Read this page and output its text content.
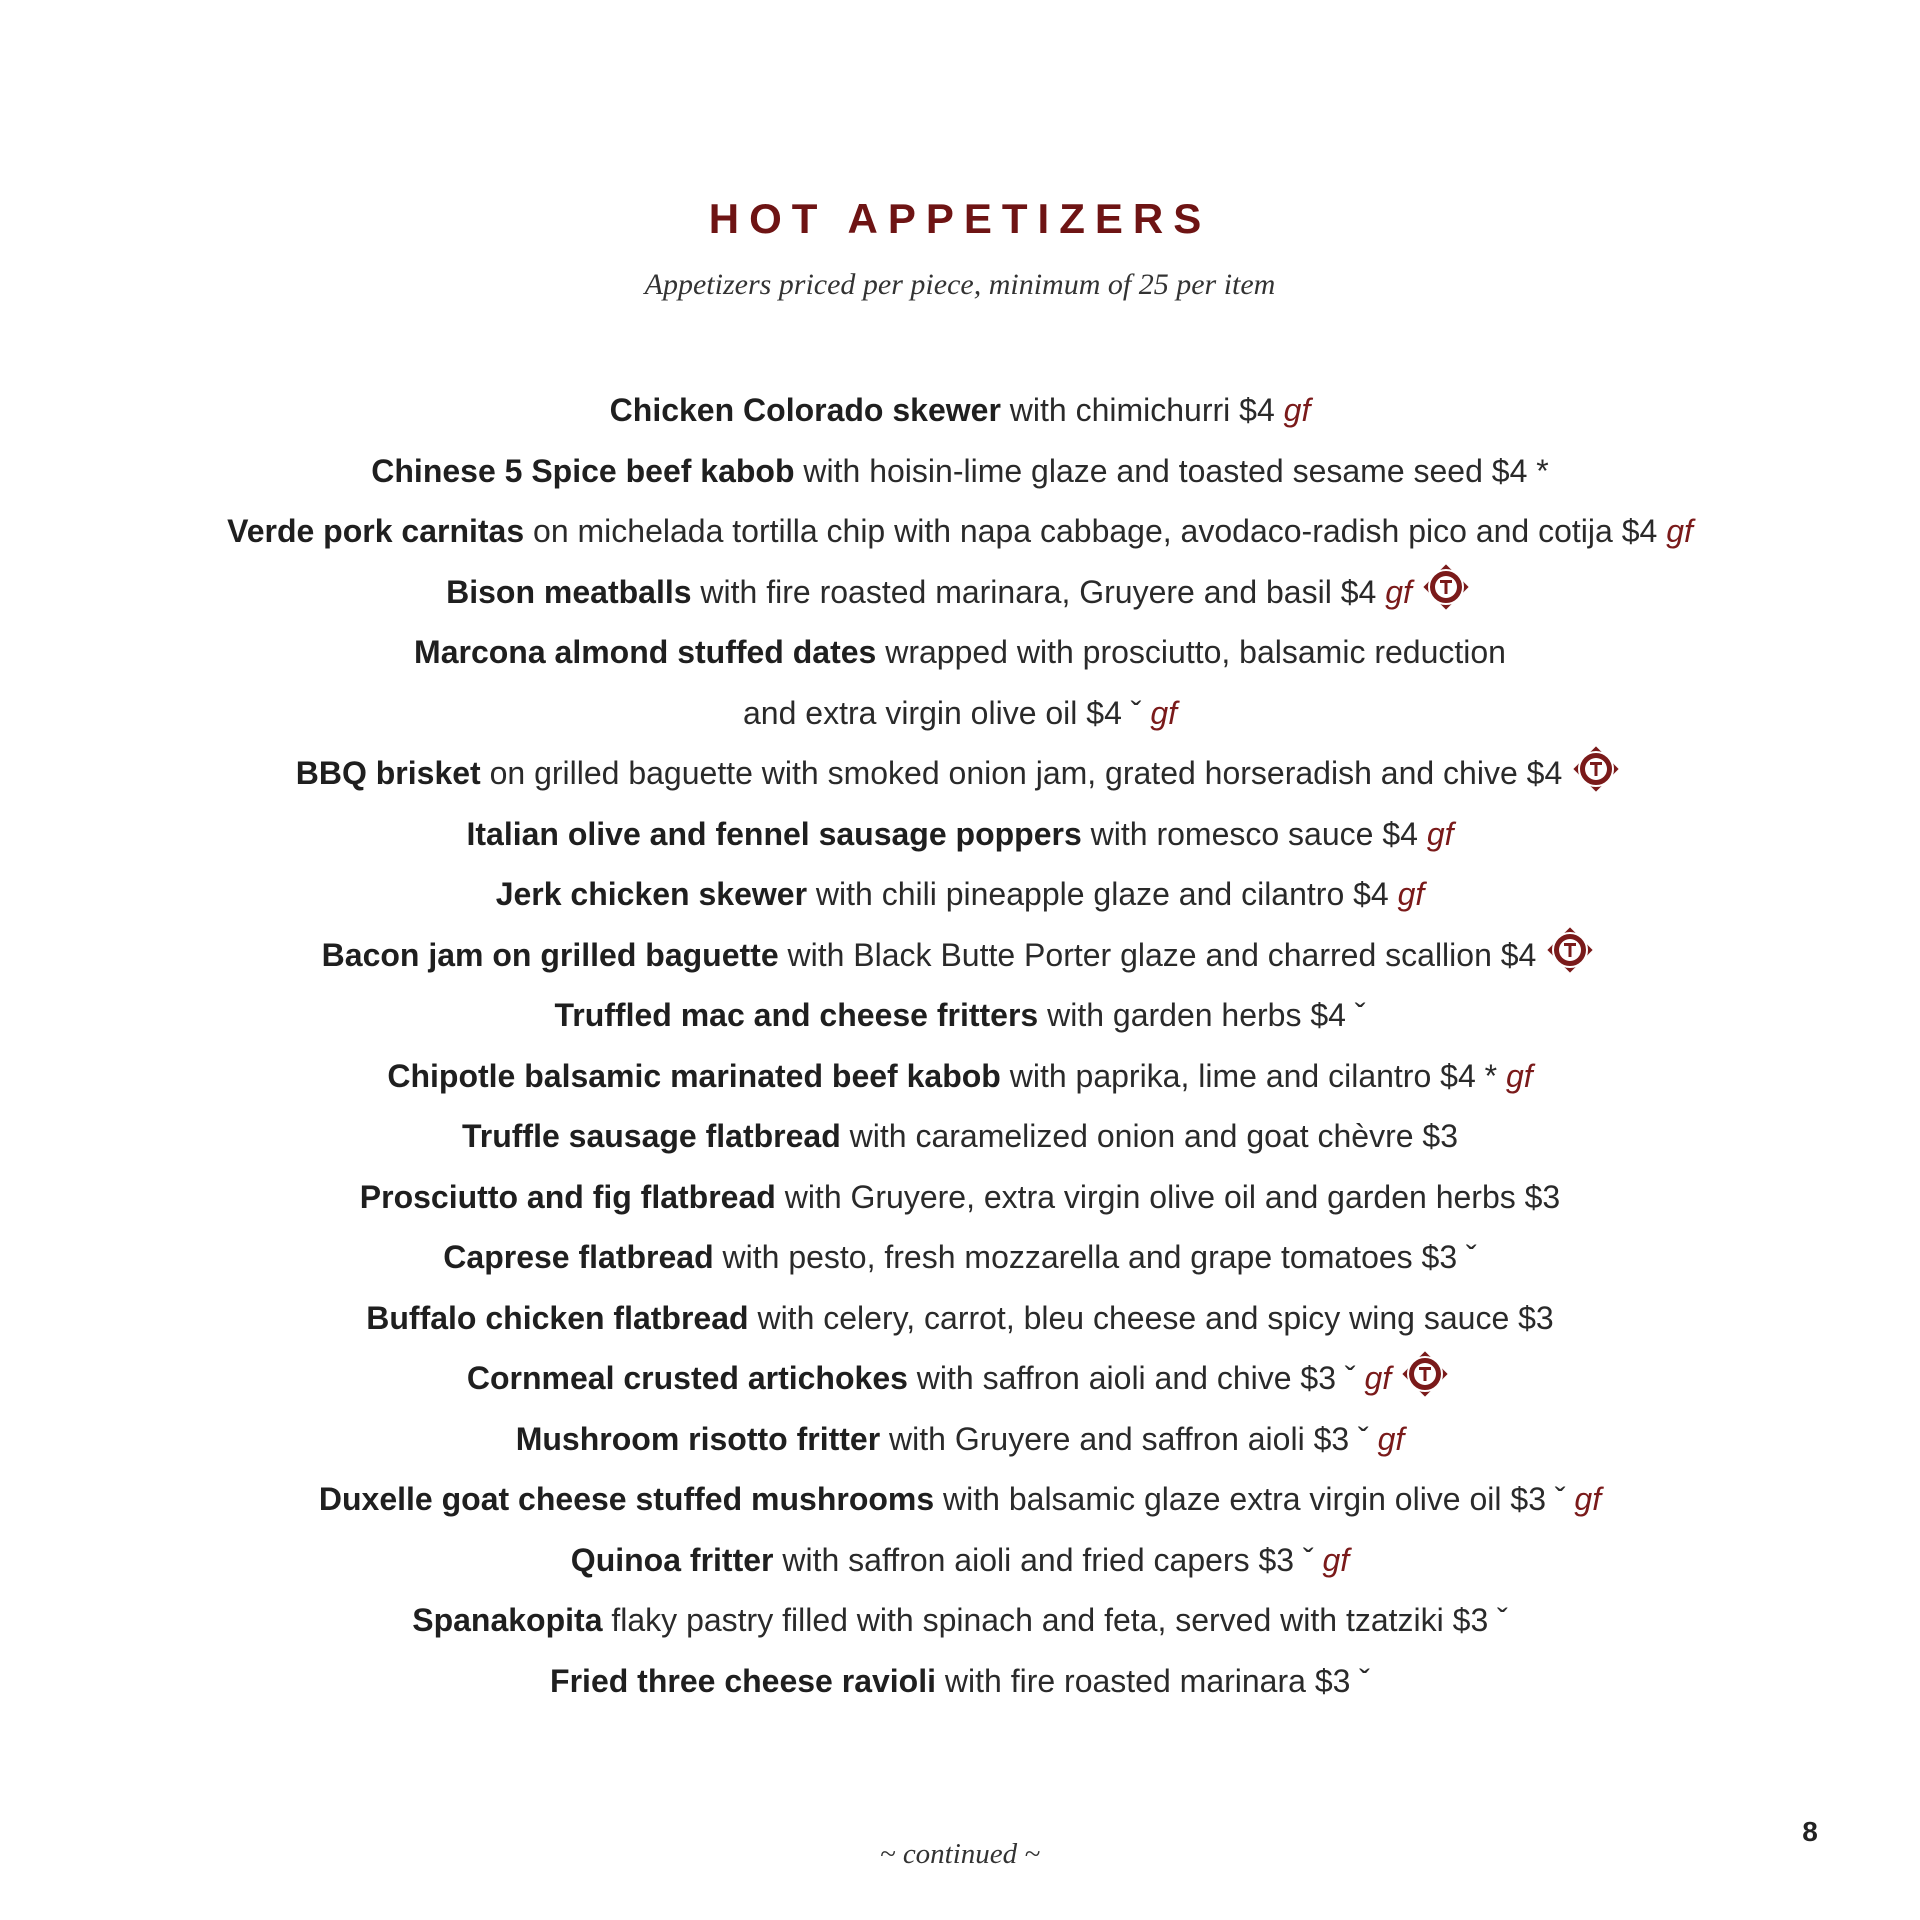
HOT APPETIZERS
Appetizers priced per piece, minimum of 25 per item
Chicken Colorado skewer with chimichurri $4 gf
Chinese 5 Spice beef kabob with hoisin-lime glaze and toasted sesame seed $4 *
Verde pork carnitas on michelada tortilla chip with napa cabbage, avodaco-radish pico and cotija $4 gf
Bison meatballs with fire roasted marinara, Gruyere and basil $4 gf
Marcona almond stuffed dates wrapped with prosciutto, balsamic reduction
and extra virgin olive oil $4 ˇ gf
BBQ brisket on grilled baguette with smoked onion jam, grated horseradish and chive $4
Italian olive and fennel sausage poppers with romesco sauce $4 gf
Jerk chicken skewer with chili pineapple glaze and cilantro $4 gf
Bacon jam on grilled baguette with Black Butte Porter glaze and charred scallion $4
Truffled mac and cheese fritters with garden herbs $4 ˇ
Chipotle balsamic marinated beef kabob with paprika, lime and cilantro $4 * gf
Truffle sausage flatbread with caramelized onion and goat chèvre $3
Prosciutto and fig flatbread with Gruyere, extra virgin olive oil and garden herbs $3
Caprese flatbread with pesto, fresh mozzarella and grape tomatoes $3 ˇ
Buffalo chicken flatbread with celery, carrot, bleu cheese and spicy wing sauce $3
Cornmeal crusted artichokes with saffron aioli and chive $3 ˇ gf
Mushroom risotto fritter with Gruyere and saffron aioli $3 ˇ gf
Duxelle goat cheese stuffed mushrooms with balsamic glaze extra virgin olive oil $3 ˇ gf
Quinoa fritter with saffron aioli and fried capers $3 ˇ gf
Spanakopita flaky pastry filled with spinach and feta, served with tzatziki $3 ˇ
Fried three cheese ravioli with fire roasted marinara $3 ˇ
~ continued ~
8
